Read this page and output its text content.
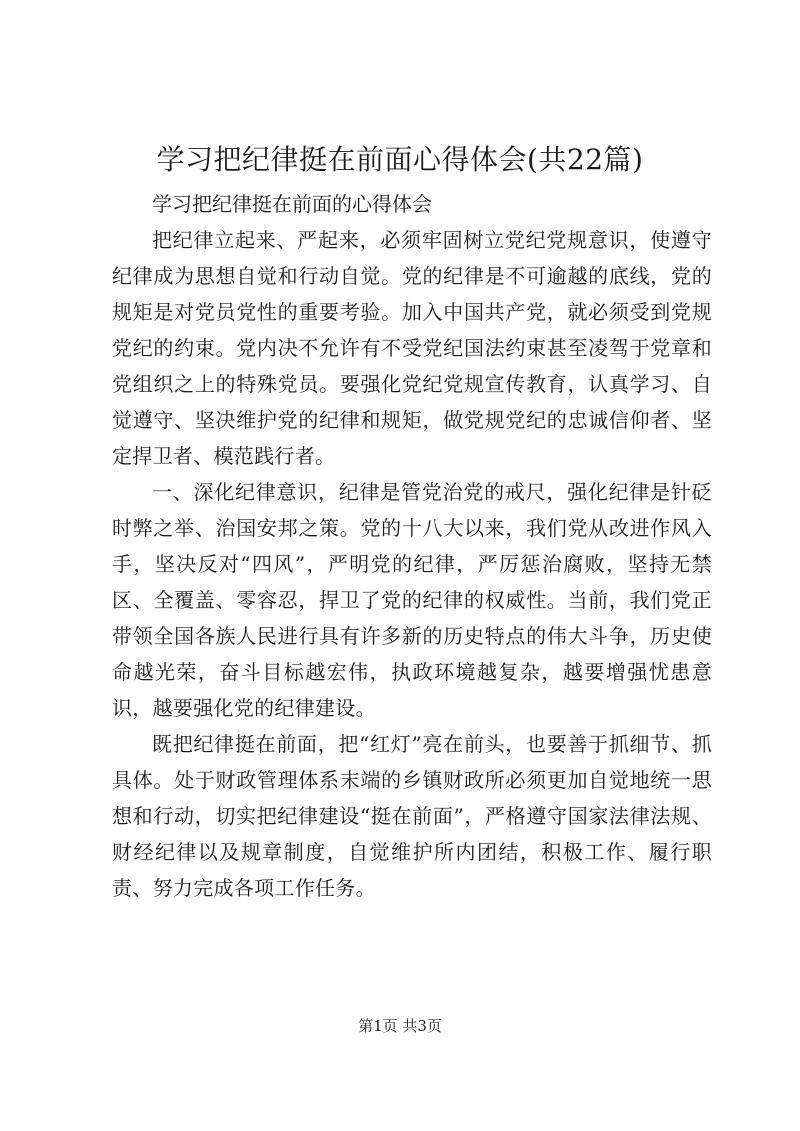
学习把纪律挺在前面心得体会(共22篇)

学习把纪律挺在前面的心得体会

把纪律立起来、严起来，必须牢固树立党纪党规意识，使遵守纪律成为思想自觉和行动自觉。党的纪律是不可逾越的底线，党的规矩是对党员党性的重要考验。加入中国共产党，就必须受到党规党纪的约束。党内决不允许有不受党纪国法约束甚至凌驾于党章和党组织之上的特殊党员。要强化党纪党规宣传教育，认真学习、自觉遵守、坚决维护党的纪律和规矩，做党规党纪的忠诚信仰者、坚定捍卫者、模范践行者。

一、深化纪律意识，纪律是管党治党的戒尺，强化纪律是针砭时弊之举、治国安邦之策。党的十八大以来，我们党从改进作风入手，坚决反对“四风”，严明党的纪律，严厉惩治腐败，坚持无禁区、全覆盖、零容忍，捍卫了党的纪律的权威性。当前，我们党正带领全国各族人民进行具有许多新的历史特点的伟大斗争，历史使命越光荣，奋斗目标越宏伟，执政环境越复杂，越要增强忧患意识，越要强化党的纪律建设。

既把纪律挺在前面，把“红灯”亮在前头，也要善于抓细节、抓具体。处于财政管理体系末端的乡镇财政所必须更加自觉地统一思想和行动，切实把纪律建设“挺在前面”，严格遵守国家法律法规、财经纪律以及规章制度，自觉维护所内团结，积极工作、履行职责、努力完成各项工作任务。

第1页 共3页
